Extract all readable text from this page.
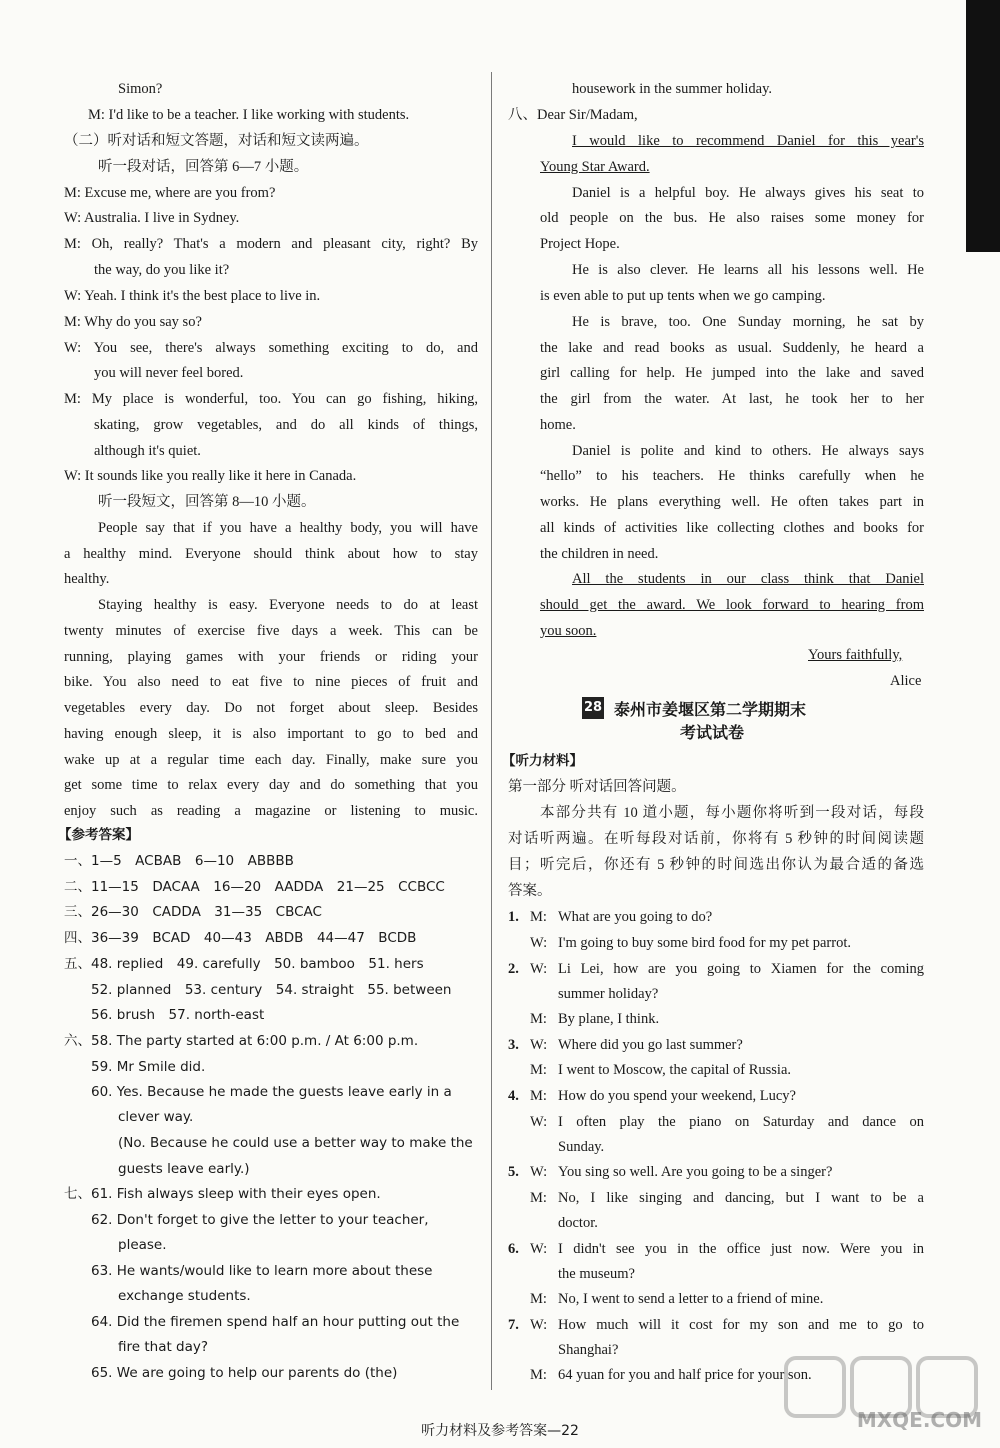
Simon?
M: I'd like to be a teacher. I like working with students.
（二）听对话和短文答题，对话和短文读两遍。
听一段对话，回答第 6—7 小题。
M: Excuse me, where are you from?
W: Australia. I live in Sydney.
M: Oh, really? That's a modern and pleasant city, right? By
the way, do you like it?
W: Yeah. I think it's the best place to live in.
M: Why do you say so?
W: You see, there's always something exciting to do, and
you will never feel bored.
M: My place is wonderful, too. You can go fishing, hiking,
skating, grow vegetables, and do all kinds of things,
although it's quiet.
W: It sounds like you really like it here in Canada.
听一段短文，回答第 8—10 小题。
People say that if you have a healthy body, you will have
a healthy mind. Everyone should think about how to stay
healthy.
Staying healthy is easy. Everyone needs to do at least
twenty minutes of exercise five days a week. This can be
running, playing games with your friends or riding your
bike. You also need to eat five to nine pieces of fruit and
vegetables every day. Do not forget about sleep. Besides
having enough sleep, it is also important to go to bed and
wake up at a regular time each day. Finally, make sure you
get some time to relax every day and do something that you
enjoy such as reading a magazine or listening to music.
【参考答案】
一、1—5　ACBAB　6—10　ABBBB
二、11—15　DACAA　16—20　AADDA　21—25　CCBCC
三、26—30　CADDA　31—35　CBCAC
四、36—39　BCAD　40—43　ABDB　44—47　BCDB
五、48. replied　49. carefully　50. bamboo　51. hers
　　52. planned　53. century　54. straight　55. between
　　56. brush　57. north-east
六、58. The party started at 6:00 p.m. / At 6:00 p.m.
　　59. Mr Smile did.
　　60. Yes. Because he made the guests leave early in a
　　　　clever way.
　　　　(No. Because he could use a better way to make the
　　　　guests leave early.)
七、61. Fish always sleep with their eyes open.
　　62. Don't forget to give the letter to your teacher,
　　　　please.
　　63. He wants/would like to learn more about these
　　　　exchange students.
　　64. Did the firemen spend half an hour putting out the
　　　　fire that day?
　　65. We are going to help our parents do (the)
housework in the summer holiday.
八、Dear Sir/Madam,
I would like to recommend Daniel for this year's
Young Star Award.
Daniel is a helpful boy. He always gives his seat to
old people on the bus. He also raises some money for
Project Hope.
He is also clever. He learns all his lessons well. He
is even able to put up tents when we go camping.
He is brave, too. One Sunday morning, he sat by
the lake and read books as usual. Suddenly, he heard a
girl calling for help. He jumped into the lake and saved
the girl from the water. At last, he took her to her
home.
Daniel is polite and kind to others. He always says
“hello” to his teachers. He thinks carefully when he
works. He plans everything well. He often takes part in
all kinds of activities like collecting clothes and books for
the children in need.
All the students in our class think that Daniel
should get the award. We look forward to hearing from
you soon.
Yours faithfully,
Alice
【听力材料】
第一部分 听对话回答问题。
本部分共有 10 道小题，每小题你将听到一段对话，每段
对话听两遍。在听每段对话前，你将有 5 秒钟的时间阅读题
目；听完后，你还有 5 秒钟的时间选出你认为最合适的备选
答案。
1. M: What are you going to do?
W: I'm going to buy some bird food for my pet parrot.
2. W: Li Lei, how are you going to Xiamen for the coming
summer holiday?
M: By plane, I think.
3. W: Where did you go last summer?
M: I went to Moscow, the capital of Russia.
4. M: How do you spend your weekend, Lucy?
W: I often play the piano on Saturday and dance on
Sunday.
5. W: You sing so well. Are you going to be a singer?
M: No, I like singing and dancing, but I want to be a
doctor.
6. W: I didn't see you in the office just now. Were you in
the museum?
M: No, I went to send a letter to a friend of mine.
7. W: How much will it cost for my son and me to go to
Shanghai?
M: 64 yuan for you and half price for your son.
28 泰州市姜堰区第二学期期末
考试试卷
听力材料及参考答案—22	MXQE.COM
